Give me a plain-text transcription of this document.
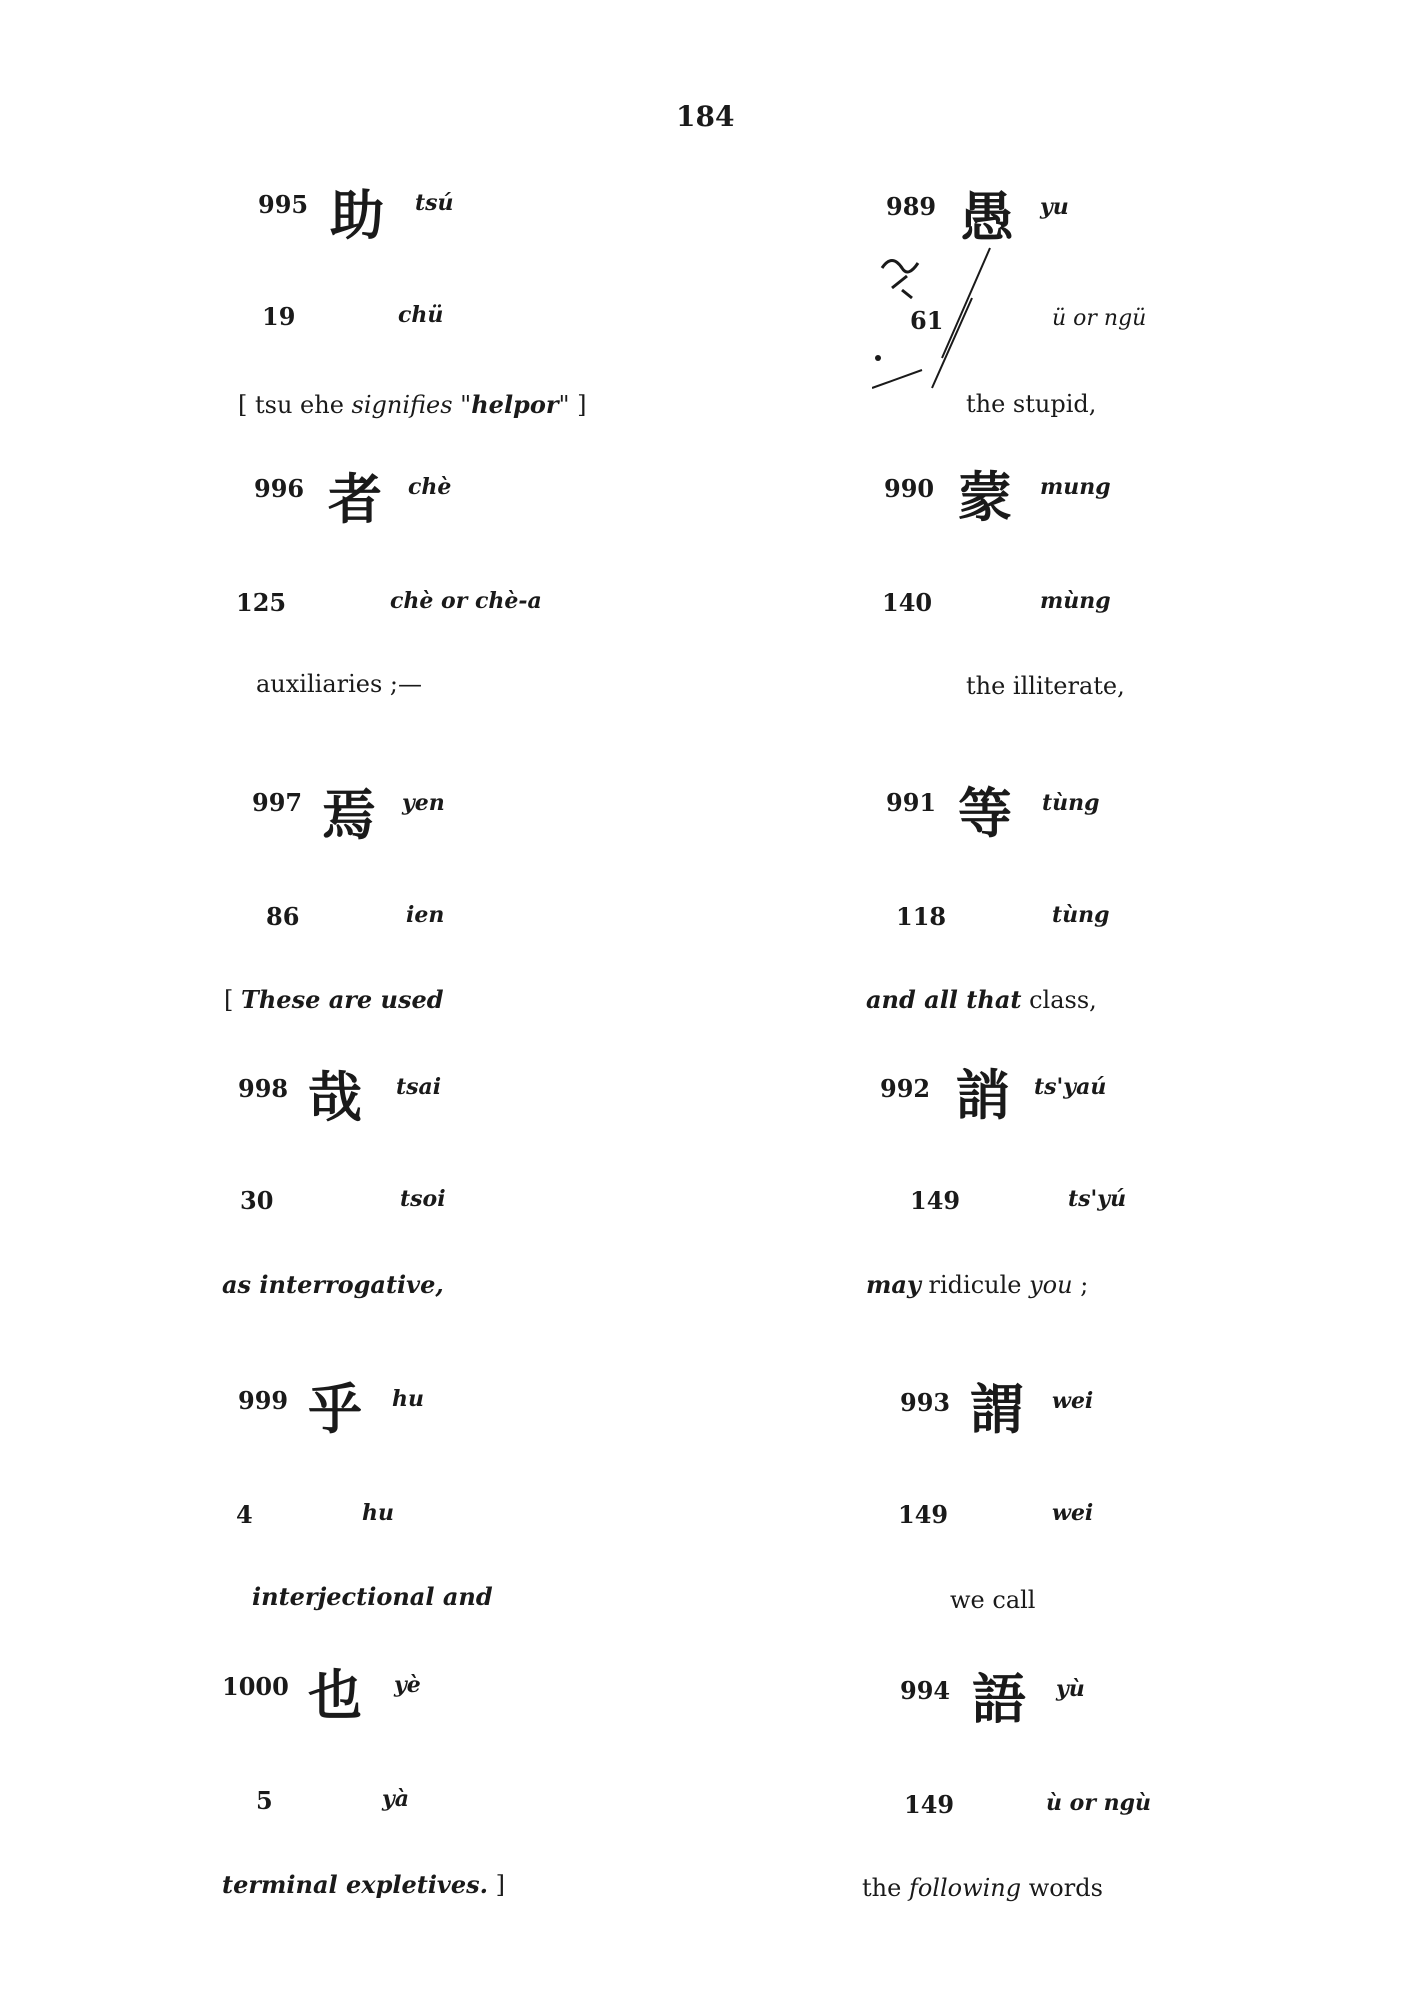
184
995 助 tsú
19	chü
[ tsu ehe signifies "helpor" ]
996 者 chè
125	chè or chè-a
auxiliaries ;—
997 焉 yen
86	ien
[ These are used
998 哉 tsai
30	tsoi
as interrogative,
999 乎 hu
4	hu
interjectional and
1000 也 yè
5	yà
terminal expletives. ]
989 愚 yu
61	ü or ngü
the stupid,
990 蒙 mung
140	mùng
the illiterate,
991 等 tùng
118	tùng
and all that class,
992 誚 ts'yaú
149	ts'yú
may ridicule you ;
993 謂 wei
149	wei
we call
994 語 yù
149	ù or ngù
the following words
